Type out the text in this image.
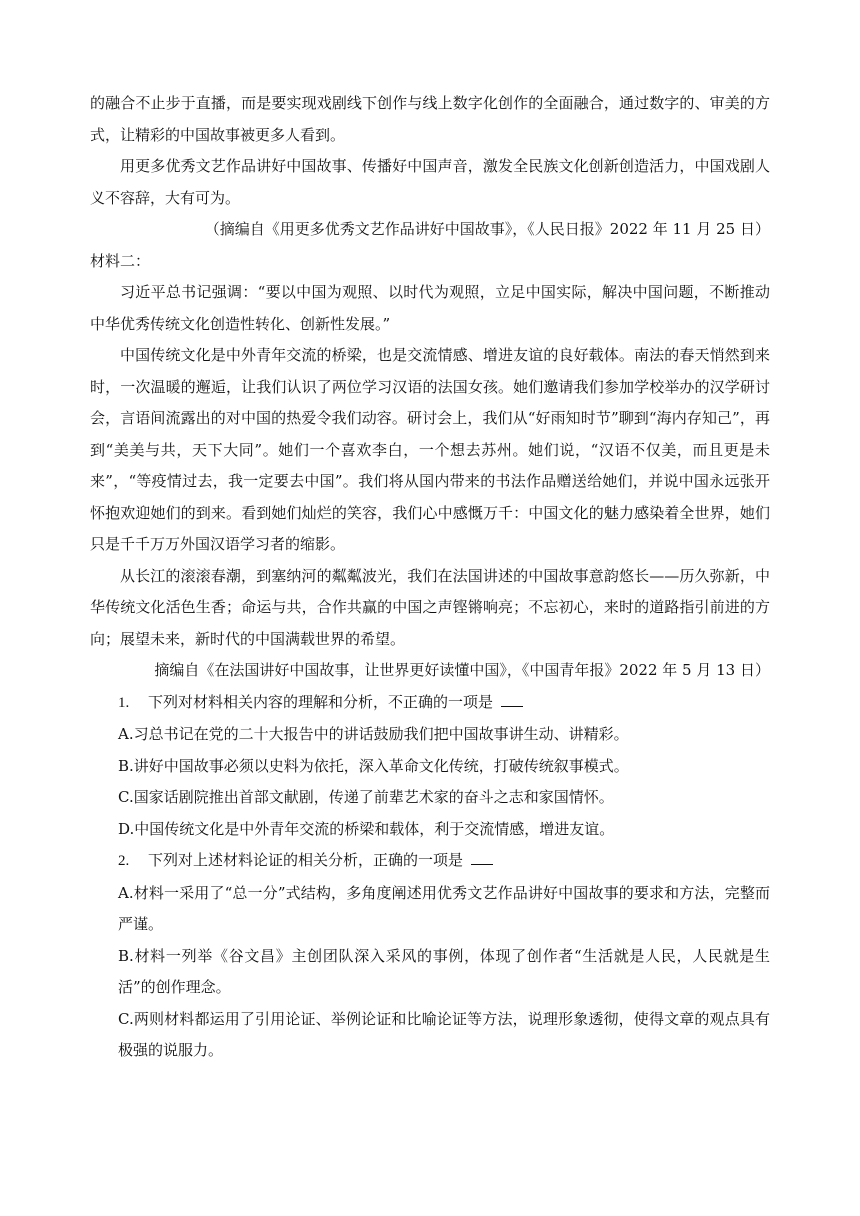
的融合不止步于直播，而是要实现戏剧线下创作与线上数字化创作的全面融合，通过数字的、审美的方式，让精彩的中国故事被更多人看到。

用更多优秀文艺作品讲好中国故事、传播好中国声音，激发全民族文化创新创造活力，中国戏剧人义不容辞，大有可为。

（摘编自《用更多优秀文艺作品讲好中国故事》，《人民日报》2022 年 11 月 25 日）

材料二：

习近平总书记强调：“要以中国为观照、以时代为观照，立足中国实际，解决中国问题，不断推动中华优秀传统文化创造性转化、创新性发展。”

中国传统文化是中外青年交流的桥梁，也是交流情感、增进友谊的良好载体。南法的春天悄然到来时，一次温暖的邂逅，让我们认识了两位学习汉语的法国女孩。她们邀请我们参加学校举办的汉学研讨会，言语间流露出的对中国的热爱令我们动容。研讨会上，我们从“好雨知时节”聊到“海内存知己”，再到“美美与共，天下大同”。她们一个喜欢李白，一个想去苏州。她们说，“汉语不仅美，而且更是未来”，“等疫情过去，我一定要去中国”。我们将从国内带来的书法作品赠送给她们，并说中国永远张开怀抱欢迎她们的到来。看到她们灿烂的笑容，我们心中感慨万千：中国文化的魅力感染着全世界，她们只是千千万万外国汉语学习者的缩影。

从长江的滚滚春潮，到塞纳河的粼粼波光，我们在法国讲述的中国故事意韵悠长——历久弥新，中华传统文化活色生香；命运与共，合作共赢的中国之声铿锵响亮；不忘初心，来时的道路指引前进的方向；展望未来，新时代的中国满载世界的希望。

摘编自《在法国讲好中国故事，让世界更好读懂中国》，《中国青年报》2022 年 5 月 13 日）

1.	下列对材料相关内容的理解和分析，不正确的一项是

A.习总书记在党的二十大报告中的讲话鼓励我们把中国故事讲生动、讲精彩。

B.讲好中国故事必须以史料为依托，深入革命文化传统，打破传统叙事模式。

C.国家话剧院推出首部文献剧，传递了前辈艺术家的奋斗之志和家国情怀。

D.中国传统文化是中外青年交流的桥梁和载体，利于交流情感，增进友谊。

2.	下列对上述材料论证的相关分析，正确的一项是

A.材料一采用了“总一分”式结构，多角度阐述用优秀文艺作品讲好中国故事的要求和方法，完整而严谨。

B.材料一列举《谷文昌》主创团队深入采风的事例，体现了创作者“生活就是人民，人民就是生活”的创作理念。

C.两则材料都运用了引用论证、举例论证和比喻论证等方法，说理形象透彻，使得文章的观点具有极强的说服力。
